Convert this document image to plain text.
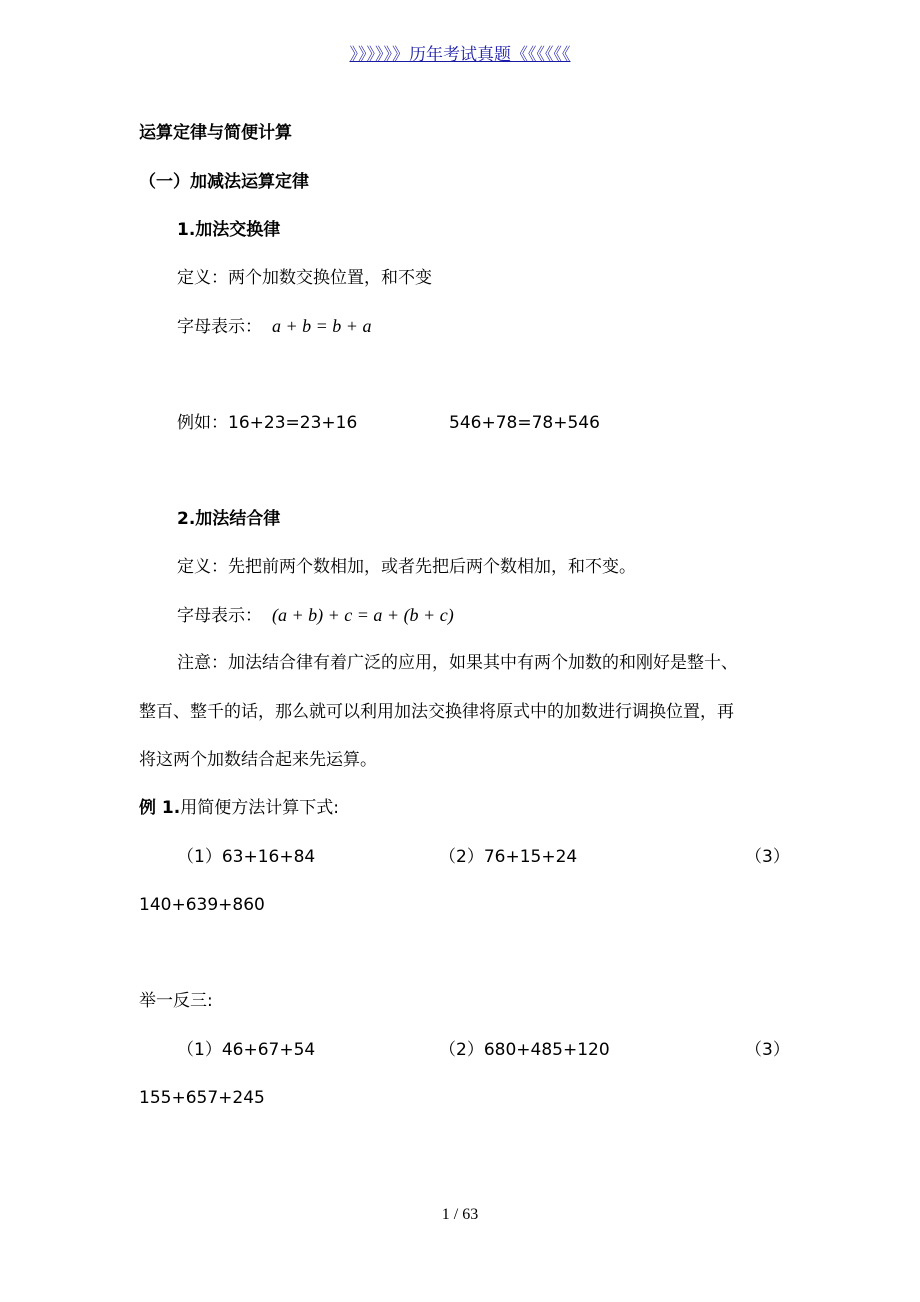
》》》》》》历年考试真题《《《《《《
运算定律与简便计算
（一）加减法运算定律
1.加法交换律
定义：两个加数交换位置，和不变
字母表示： a + b = b + a
例如：16+23=23+16	546+78=78+546
2.加法结合律
定义：先把前两个数相加，或者先把后两个数相加，和不变。
字母表示： (a + b) + c = a + (b + c)
注意：加法结合律有着广泛的应用，如果其中有两个加数的和刚好是整十、
整百、整千的话，那么就可以利用加法交换律将原式中的加数进行调换位置，再
将这两个加数结合起来先运算。
例 1.用简便方法计算下式:
（1）63+16+84	（2）76+15+24	（3）
140+639+860
举一反三:
（1）46+67+54	（2）680+485+120	（3）
155+657+245
1 / 63
